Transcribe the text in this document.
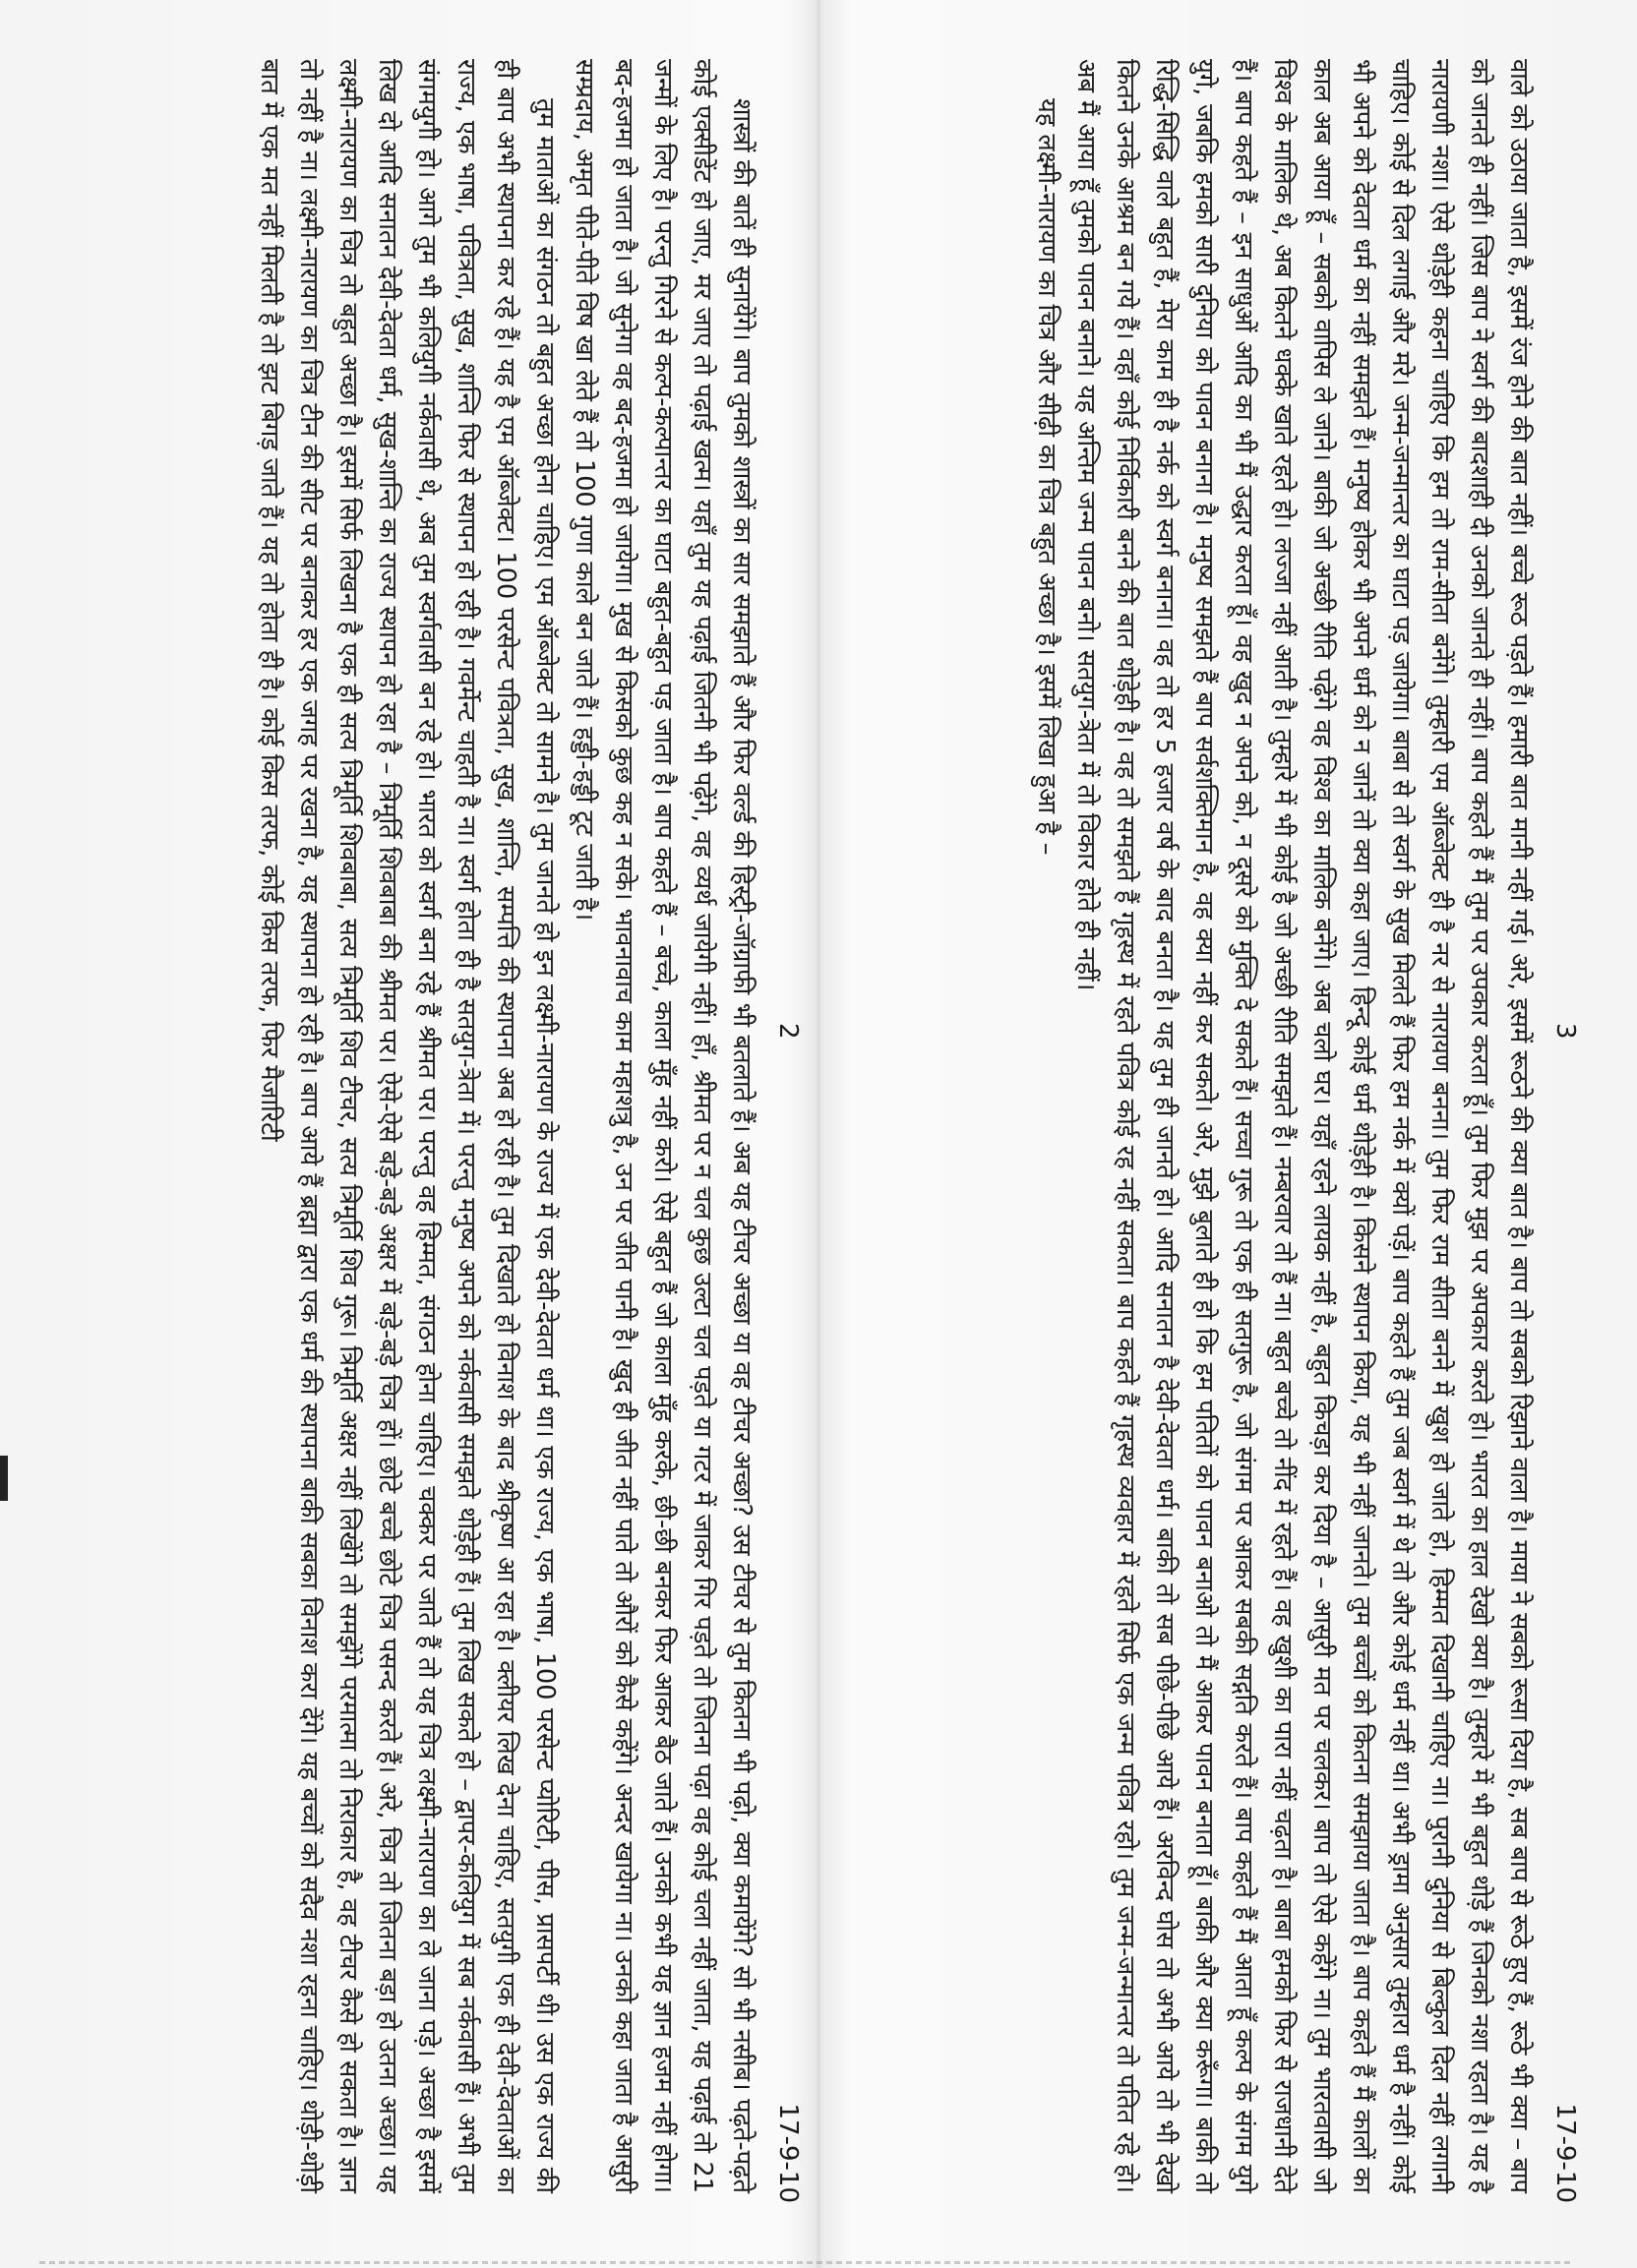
2
17-9-10

शास्त्रों की बातें ही सुनायेंगे। बाप तुमको शास्त्रों का सार समझाते हैं और फिर वर्ल्ड की हिस्ट्री-जॉग्राफी भी बतलाते हैं। अब यह टीचर अच्छा या वह टीचर अच्छा? उस टीचर से तुम कितना भी पढ़ो, क्या कमायेंगे? सो भी नसीब। पढ़ते-पढ़ते कोई एक्सीडेंट हो जाए, मर जाए तो पढ़ाई खत्म। यहाँ तुम यह पढ़ाई जितनी भी पढ़ेंगे, वह व्यर्थ जायेगी नहीं। हाँ, श्रीमत पर न चल कुछ उल्टा चल पड़ते या गटर में जाकर गिर पड़ते तो जितना पढ़ा वह कोई चला नहीं जाता, यह पढ़ाई तो 21 जन्मों के लिए है। परन्तु गिरने से कल्प-कल्पान्तर का घाटा बहुत-बहुत पड़ जाता है। बाप कहते हैं – बच्चे, काला मुँह नहीं करो। ऐसे बहुत हैं जो काला मुँह करके, छी-छी बनकर फिर आकर बैठ जाते हैं। उनको कभी यह ज्ञान हजम नहीं होगा। बद-हजमा हो जाता है। जो सुनेगा वह बद-हजमा हो जायेगा। मुख से किसको कुछ कह न सके। भावनावाच काम महाशत्रु है, उन पर जीत पानी है। खुद ही जीत नहीं पाते तो औरों को कैसे कहेंगे। अन्दर खायेगा ना। उनको कहा जाता है आसुरी सम्प्रदाय, अमृत पीते-पीते विष खा लेते हैं तो 100 गुणा काले बन जाते हैं। हड्डी-हड्डी टूट जाती है।

तुम माताओं का संगठन तो बहुत अच्छा होना चाहिए। एम ऑब्जेक्ट तो सामने है। तुम जानते हो इन लक्ष्मी-नारायण के राज्य में एक देवी-देवता धर्म था। एक राज्य, एक भाषा, 100 परसेन्ट प्योरिटी, पीस, प्रासपर्टी थी। उस एक राज्य की ही बाप अभी स्थापना कर रहे हैं। यह है एम ऑब्जेक्ट। 100 परसेन्ट पवित्रता, सुख, शान्ति, सम्पत्ति की स्थापना अब हो रही है। तुम दिखाते हो विनाश के बाद श्रीकृष्ण आ रहा है। क्लीयर लिख देना चाहिए, सतयुगी एक ही देवी-देवताओं का राज्य, एक भाषा, पवित्रता, सुख, शान्ति फिर से स्थापन हो रही है। गवर्मेन्ट चाहती है ना। स्वर्ग होता ही है सतयुग-त्रेता में। परन्तु मनुष्य अपने को नर्कवासी समझते थोड़ेही हैं। तुम लिख सकते हो – द्वापर-कलियुग में सब नर्कवासी हैं। अभी तुम संगमयुगी हो। आगे तुम भी कलियुगी नर्कवासी थे, अब तुम स्वर्गवासी बन रहे हो। भारत को स्वर्ग बना रहे हैं श्रीमत पर। परन्तु वह हिम्मत, संगठन होना चाहिए। चक्कर पर जाते हैं तो यह चित्र लक्ष्मी-नारायण का ले जाना पड़े। अच्छा है इसमें लिख दो आदि सनातन देवी-देवता धर्म, सुख-शान्ति का राज्य स्थापन हो रहा है – त्रिमूर्ति शिवबाबा की श्रीमत पर। ऐसे-ऐसे बड़े-बड़े अक्षर में बड़े-बड़े चित्र हों। छोटे बच्चे छोटे चित्र पसन्द करते हैं। अरे, चित्र तो जितना बड़ा हो उतना अच्छा। यह लक्ष्मी-नारायण का चित्र तो बहुत अच्छा है। इसमें सिर्फ लिखना है एक ही सत्य त्रिमूर्ति शिवबाबा, सत्य त्रिमूर्ति शिव टीचर, सत्य त्रिमूर्ति शिव गुरू। त्रिमूर्ति अक्षर नहीं लिखेंगे तो समझेंगे परमात्मा तो निराकार है, वह टीचर कैसे हो सकता है। ज्ञान तो नहीं है ना। लक्ष्मी-नारायण का चित्र टीन की सीट पर बनाकर हर एक जगह पर रखना है, यह स्थापना हो रही है। बाप आये हैं ब्रह्मा द्वारा एक धर्म की स्थापना बाकी सबका विनाश करा देंगे। यह बच्चों को सदैव नशा रहना चाहिए। थोड़ी-थोड़ी बात में एक मत नहीं मिलती है तो झट बिगड़ जाते हैं। यह तो होता ही है। कोई किस तरफ, कोई किस तरफ, फिर मैजारिटी	3
17-9-10

वाले को उठाया जाता है, इसमें रंज होने की बात नहीं। बच्चे रूठ पड़ते हैं। हमारी बात मानी नहीं गई। अरे, इसमें रूठने की क्या बात है। बाप तो सबको रिझाने वाला है। माया ने सबको रूसा दिया है, सब बाप से रूठे हुए हैं, रूठे भी क्या – बाप को जानते ही नहीं। जिस बाप ने स्वर्ग की बादशाही दी उनको जानते ही नहीं। बाप कहते हैं मैं तुम पर उपकार करता हूँ। तुम फिर मुझ पर अपकार करते हो। भारत का हाल देखो क्या है। तुम्हारे में भी बहुत थोड़े हैं जिनको नशा रहता है। यह है नारायणी नशा। ऐसे थोड़ेही कहना चाहिए कि हम तो राम-सीता बनेंगे। तुम्हारी एम ऑब्जेक्ट ही है नर से नारायण बनना। तुम फिर राम सीता बनने में खुश हो जाते हो, हिम्मत दिखानी चाहिए ना। पुरानी दुनिया से बिल्कुल दिल नहीं लगानी चाहिए। कोई से दिल लगाई और मरे। जन्म-जन्मान्तर का घाटा पड़ जायेगा। बाबा से तो स्वर्ग के सुख मिलते हैं फिर हम नर्क में क्यों पड़ें। बाप कहते हैं तुम जब स्वर्ग में थे तो और कोई धर्म नहीं था। अभी ड्रामा अनुसार तुम्हारा धर्म है नहीं। कोई भी अपने को देवता धर्म का नहीं समझते हैं। मनुष्य होकर भी अपने धर्म को न जानें तो क्या कहा जाए। हिन्दू कोई धर्म थोड़ेही है। किसने स्थापन किया, यह भी नहीं जानते। तुम बच्चों को कितना समझाया जाता है। बाप कहते हैं मैं कालों का काल अब आया हूँ – सबको वापिस ले जाने। बाकी जो अच्छी रीति पढ़ेंगे वह विश्व का मालिक बनेंगे। अब चलो घर। यहाँ रहने लायक नहीं है, बहुत किचड़ा कर दिया है – आसुरी मत पर चलकर। बाप तो ऐसे कहेंगे ना। तुम भारतवासी जो विश्व के मालिक थे, अब कितने धक्के खाते रहते हो। लज्जा नहीं आती है। तुम्हारे में भी कोई है जो अच्छी रीति समझते हैं। नम्बरवार तो हैं ना। बहुत बच्चे तो नींद में रहते हैं। वह खुशी का पारा नहीं चढ़ता है। बाबा हमको फिर से राजधानी देते हैं। बाप कहते हैं – इन साधुओं आदि का भी मैं उद्धार करता हूँ। वह खुद न अपने को, न दूसरे को मुक्ति दे सकते हैं। सच्चा गुरू तो एक ही सतगुरू है, जो संगम पर आकर सबकी सद्गति करते हैं। बाप कहते हैं मैं आता हूँ कल्प के संगम युगे युगे, जबकि हमको सारी दुनिया को पावन बनाना है। मनुष्य समझते हैं बाप सर्वशक्तिमान है, वह क्या नहीं कर सकते। अरे, मुझे बुलाते ही हो कि हम पतितों को पावन बनाओ तो मैं आकर पावन बनाता हूँ। बाकी और क्या करूँगा। बाकी तो रिद्धि-सिद्धि वाले बहुत हैं, मेरा काम ही है नर्क को स्वर्ग बनाना। वह तो हर 5 हजार वर्ष के बाद बनता है। यह तुम ही जानते हो। आदि सनातन है देवी-देवता धर्म। बाकी तो सब पीछे-पीछे आये हैं। अरविन्द घोस तो अभी आये तो भी देखो कितने उनके आश्रम बन गये हैं। वहाँ कोई निर्विकारी बनने की बात थोड़ेही है। वह तो समझते हैं गृहस्थ में रहते पवित्र कोई रह नहीं सकता। बाप कहते हैं गृहस्थ व्यवहार में रहते सिर्फ एक जन्म पवित्र रहो। तुम जन्म-जन्मान्तर तो पतित रहे हो। अब मैं आया हूँ तुमको पावन बनाने। यह अन्तिम जन्म पावन बनो। सतयुग-त्रेता में तो विकार होते ही नहीं।

यह लक्ष्मी-नारायण का चित्र और सीढ़ी का चित्र बहुत अच्छा है। इसमें लिखा हुआ है –
